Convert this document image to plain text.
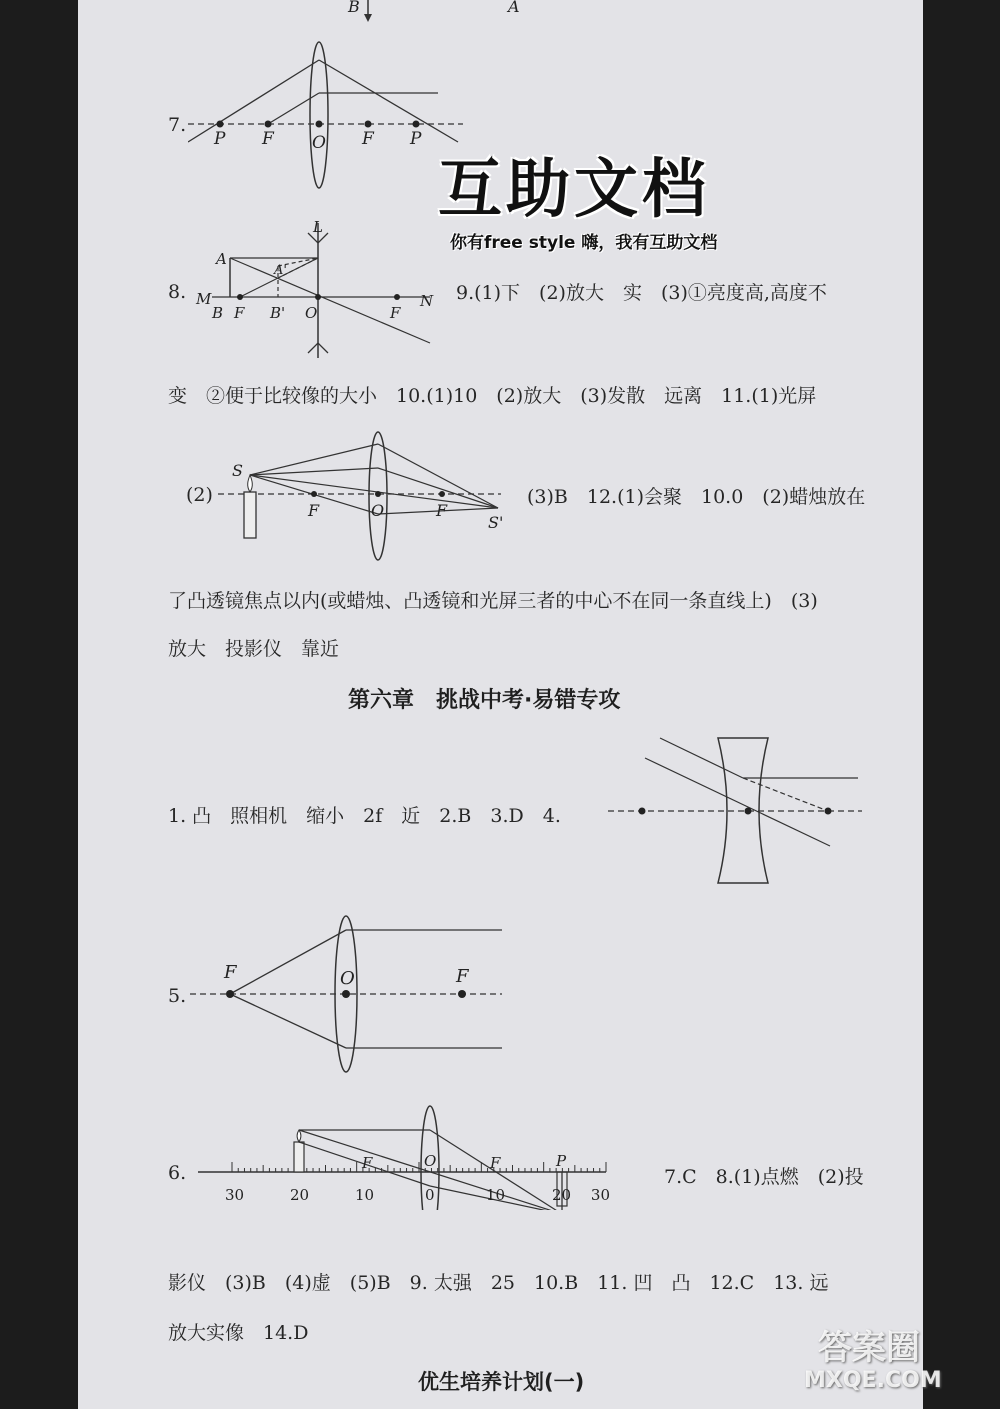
B	A
7.
P F O F P
8.
L
A
A'
M
B F B' O	F
N
互助文档
你有free style 嗨，我有互助文档
9.(1)下　(2)放大　实　(3)①亮度高,高度不
变　②便于比较像的大小　10.(1)10　(2)放大　(3)发散　远离　11.(1)光屏
(2)
S
F	O	F
S'
(3)B　12.(1)会聚　10.0　(2)蜡烛放在
了凸透镜焦点以内(或蜡烛、凸透镜和光屏三者的中心不在同一条直线上)　(3)
放大　投影仪　靠近
第六章　挑战中考·易错专攻
1. 凸　照相机　缩小　2f　近　2.B　3.D　4.
5.
F	O	F
6.	F	O	F	P
30	20	10	0	10	20 30
7.C　8.(1)点燃　(2)投
影仪　(3)B　(4)虚　(5)B　9. 太强　25　10.B　11. 凹　凸　12.C　13. 远
放大实像　14.D
优生培养计划(一)
答案圈
MXQE.COM
